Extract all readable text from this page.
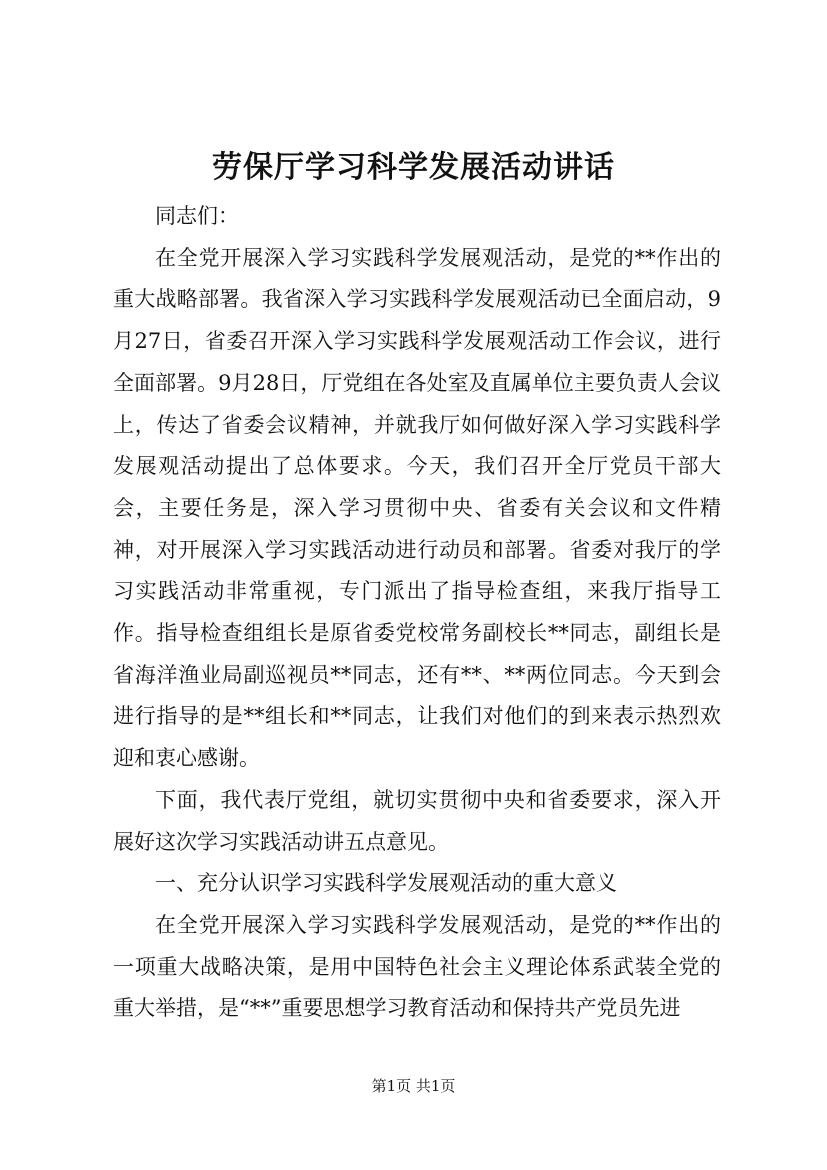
劳保厅学习科学发展活动讲话

同志们：

在全党开展深入学习实践科学发展观活动，是党的**作出的重大战略部署。我省深入学习实践科学发展观活动已全面启动，9月27日，省委召开深入学习实践科学发展观活动工作会议，进行全面部署。9月28日，厅党组在各处室及直属单位主要负责人会议上，传达了省委会议精神，并就我厅如何做好深入学习实践科学发展观活动提出了总体要求。今天，我们召开全厅党员干部大会，主要任务是，深入学习贯彻中央、省委有关会议和文件精神，对开展深入学习实践活动进行动员和部署。省委对我厅的学习实践活动非常重视，专门派出了指导检查组，来我厅指导工作。指导检查组组长是原省委党校常务副校长**同志，副组长是省海洋渔业局副巡视员**同志，还有**、**两位同志。今天到会进行指导的是**组长和**同志，让我们对他们的到来表示热烈欢迎和衷心感谢。

下面，我代表厅党组，就切实贯彻中央和省委要求，深入开展好这次学习实践活动讲五点意见。

一、充分认识学习实践科学发展观活动的重大意义

在全党开展深入学习实践科学发展观活动，是党的**作出的一项重大战略决策，是用中国特色社会主义理论体系武装全党的重大举措，是“**”重要思想学习教育活动和保持共产党员先进

第1页 共1页
